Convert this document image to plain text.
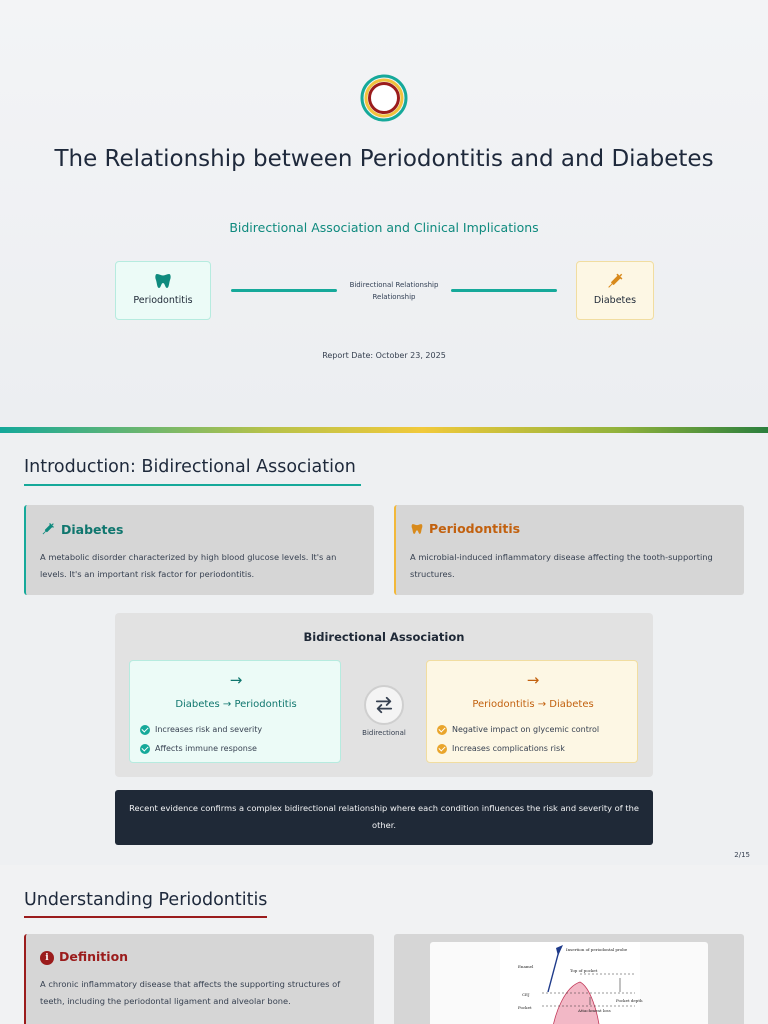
The Relationship between Periodontitis and and Diabetes
Bidirectional Association and Clinical Implications
Periodontitis
Bidirectional Relationship Relationship	Diabetes
Report Date: October 23, 2025
Introduction: Bidirectional Association
Diabetes
A metabolic disorder characterized by high blood glucose levels. It's an levels. It's an important risk factor for periodontitis.
Periodontitis
A microbial-induced inflammatory disease affecting the tooth-supporting structures.
Bidirectional Association
→
Diabetes → Periodontitis
Increases risk and severity
Affects immune response
Bidirectional
→
Periodontitis → Diabetes
Negative impact on glycemic control
Increases complications risk
Recent evidence confirms a complex bidirectional relationship where each condition influences the risk and severity of the other.
2/15
Understanding Periodontitis
i Definition
A chronic inflammatory disease that affects the supporting structures of teeth, including the periodontal ligament and alveolar bone.
Insertion of periodontal probe
Enamel
Top of pocket
CEJ
Pocket depth
Pocket
Attachment loss
